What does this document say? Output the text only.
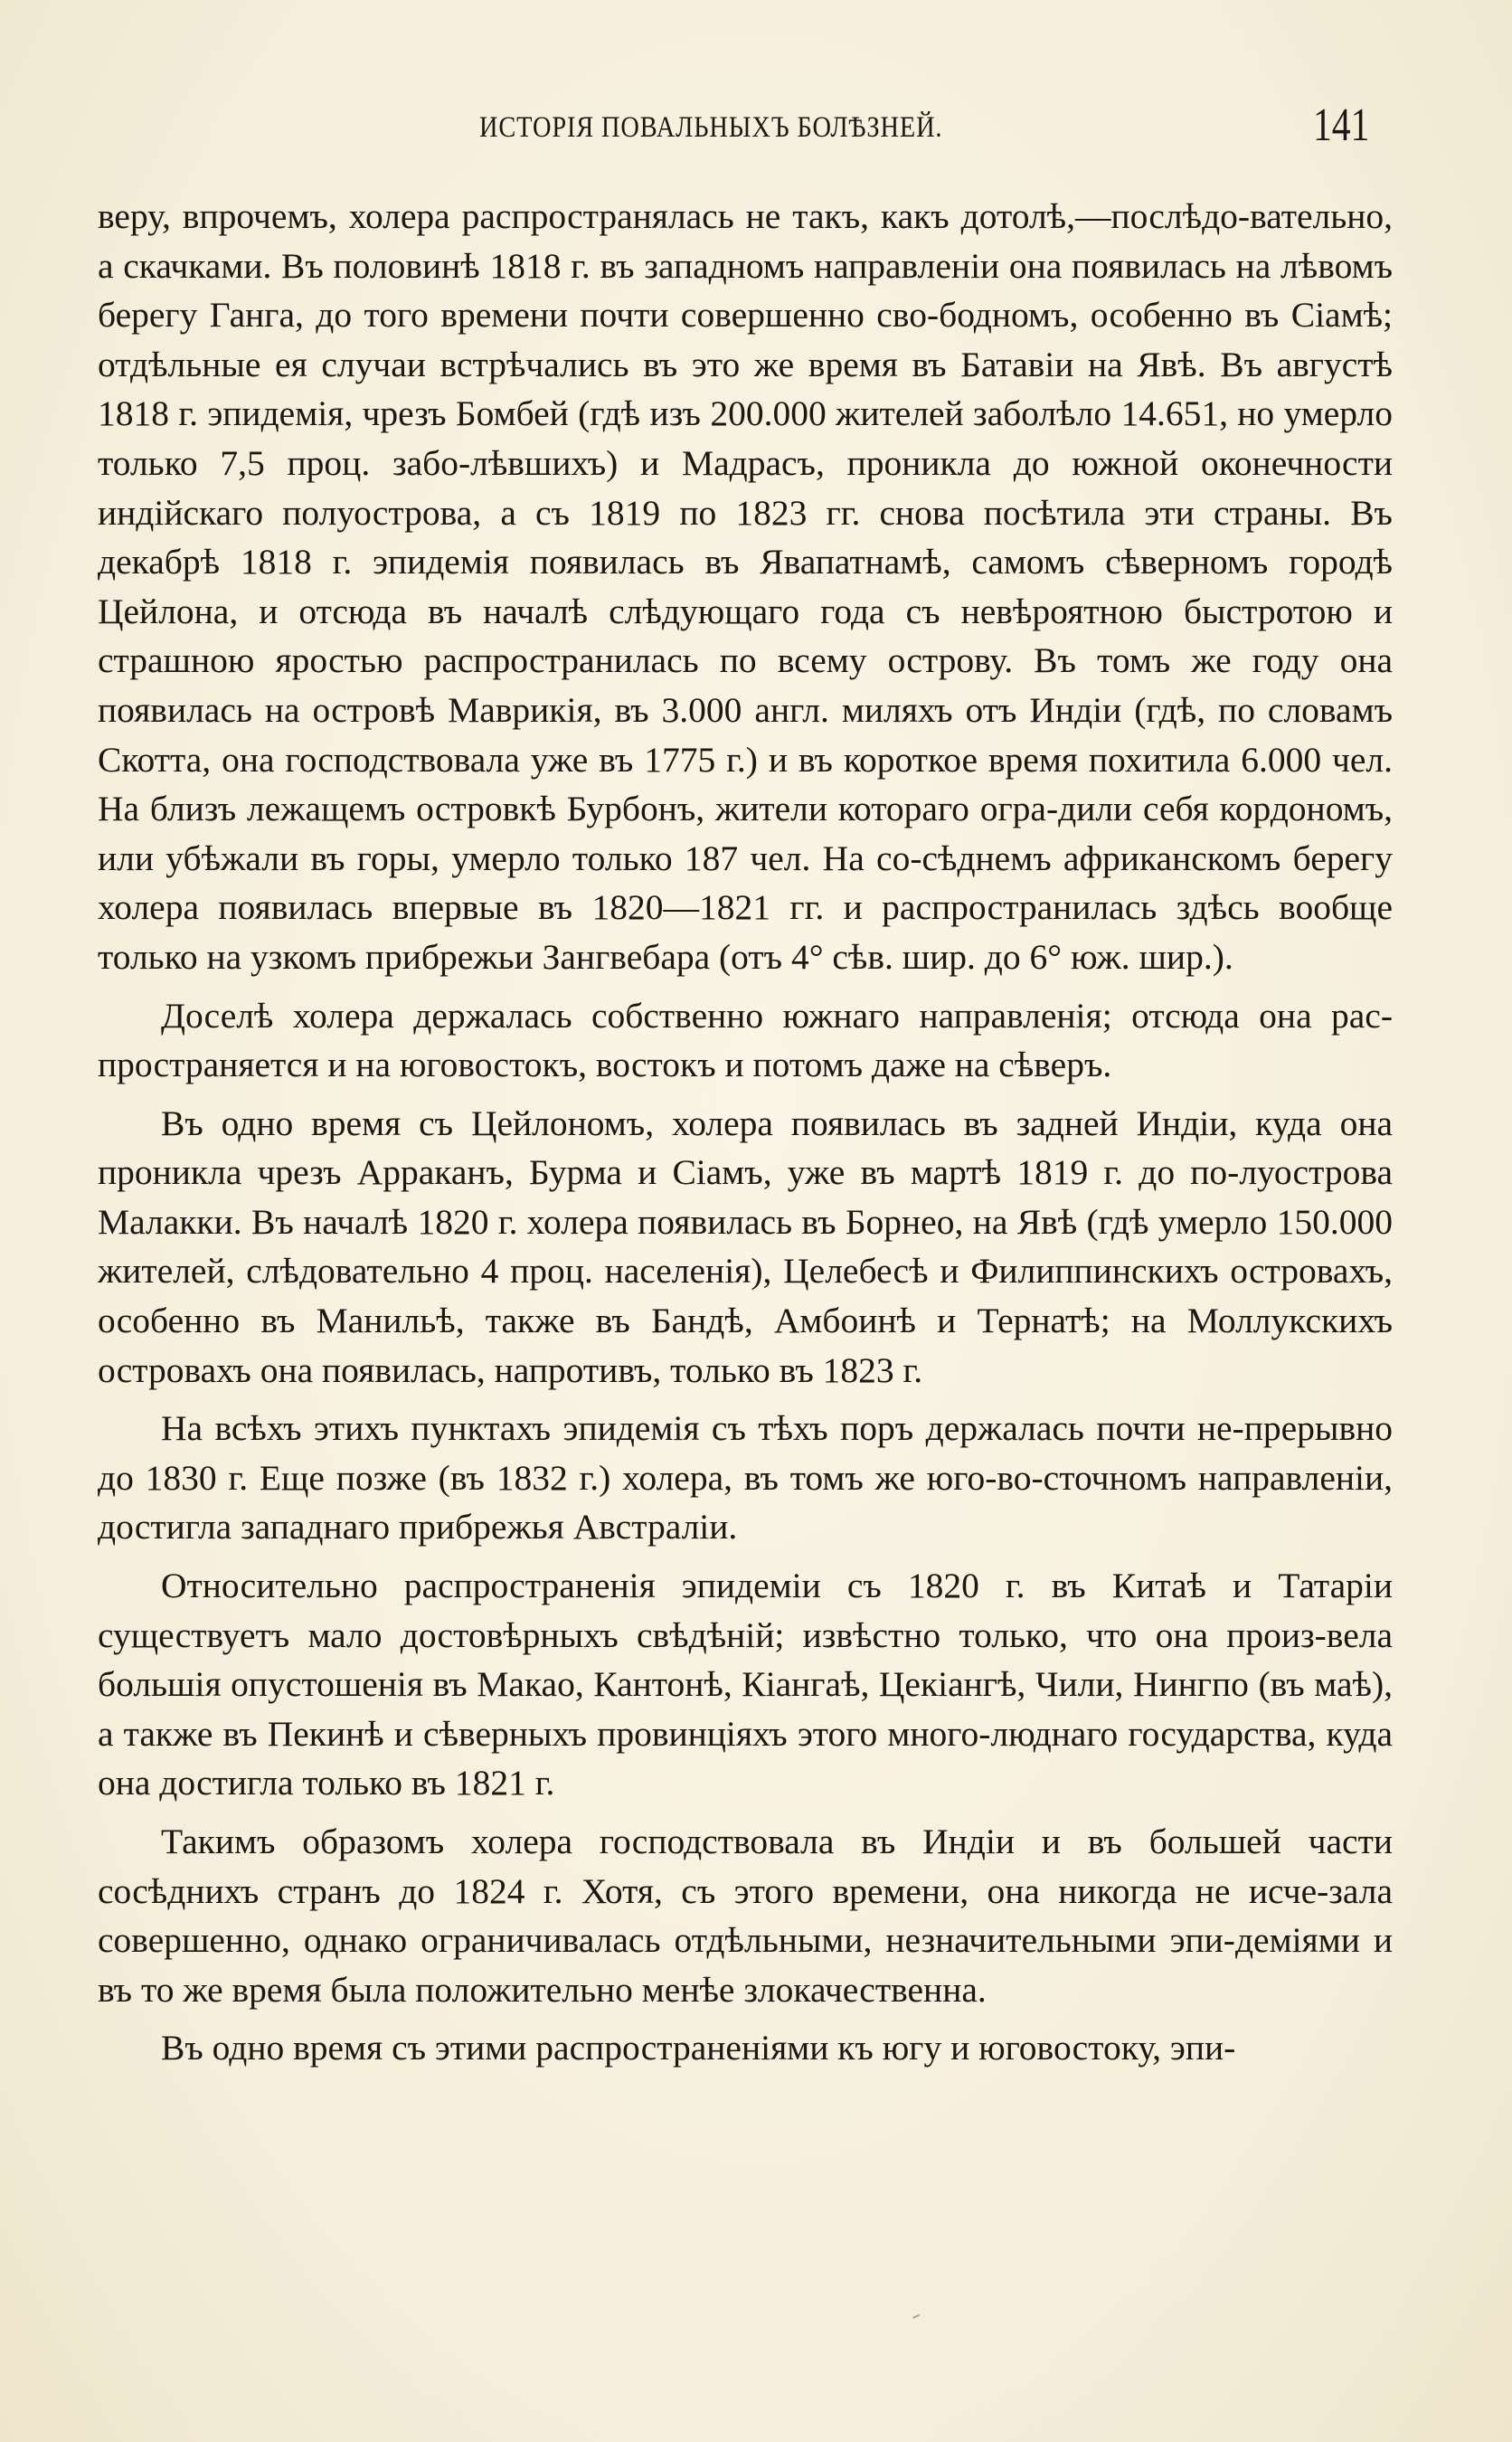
ИСТОРІЯ ПОВАЛЬНЫХЪ БОЛѢЗНЕЙ.	141

веру, впрочемъ, холера распространялась не такъ, какъ дотолѣ,—послѣдо-вательно, а скачками. Въ половинѣ 1818 г. въ западномъ направленіи она появилась на лѣвомъ берегу Ганга, до того времени почти совершенно сво-бодномъ, особенно въ Сіамѣ; отдѣльные ея случаи встрѣчались въ это же время въ Батавіи на Явѣ. Въ августѣ 1818 г. эпидемія, чрезъ Бомбей (гдѣ изъ 200.000 жителей заболѣло 14.651, но умерло только 7,5 проц. забо-лѣвшихъ) и Мадрасъ, проникла до южной оконечности индійскаго полуострова, а съ 1819 по 1823 гг. снова посѣтила эти страны. Въ декабрѣ 1818 г. эпидемія появилась въ Явапатнамѣ, самомъ сѣверномъ городѣ Цейлона, и отсюда въ началѣ слѣдующаго года съ невѣроятною быстротою и страшною яростью распространилась по всему острову. Въ томъ же году она появилась на островѣ Маврикія, въ 3.000 англ. миляхъ отъ Индіи (гдѣ, по словамъ Скотта, она господствовала уже въ 1775 г.) и въ короткое время похитила 6.000 чел. На близъ лежащемъ островкѣ Бурбонъ, жители котораго огра-дили себя кордономъ, или убѣжали въ горы, умерло только 187 чел. На со-сѣднемъ африканскомъ берегу холера появилась впервые въ 1820—1821 гг. и распространилась здѣсь вообще только на узкомъ прибрежьи Зангвебара (отъ 4° сѣв. шир. до 6° юж. шир.).

Доселѣ холера держалась собственно южнаго направленія; отсюда она рас-пространяется и на юговостокъ, востокъ и потомъ даже на сѣверъ.

Въ одно время съ Цейлономъ, холера появилась въ задней Индіи, куда она проникла чрезъ Арраканъ, Бурма и Сіамъ, уже въ мартѣ 1819 г. до по-луострова Малакки. Въ началѣ 1820 г. холера появилась въ Борнео, на Явѣ (гдѣ умерло 150.000 жителей, слѣдовательно 4 проц. населенія), Целебесѣ и Филиппинскихъ островахъ, особенно въ Манильѣ, также въ Бандѣ, Амбоинѣ и Тернатѣ; на Моллукскихъ островахъ она появилась, напротивъ, только въ 1823 г.

На всѣхъ этихъ пунктахъ эпидемія съ тѣхъ поръ держалась почти не-прерывно до 1830 г. Еще позже (въ 1832 г.) холера, въ томъ же юго-во-сточномъ направленіи, достигла западнаго прибрежья Австраліи.

Относительно распространенія эпидеміи съ 1820 г. въ Китаѣ и Татаріи существуетъ мало достовѣрныхъ свѣдѣній; извѣстно только, что она произ-вела большія опустошенія въ Макао, Кантонѣ, Кіангаѣ, Цекіангѣ, Чили, Нингпо (въ маѣ), а также въ Пекинѣ и сѣверныхъ провинціяхъ этого много-люднаго государства, куда она достигла только въ 1821 г.

Такимъ образомъ холера господствовала въ Индіи и въ большей части сосѣднихъ странъ до 1824 г. Хотя, съ этого времени, она никогда не исче-зала совершенно, однако ограничивалась отдѣльными, незначительными эпи-деміями и въ то же время была положительно менѣе злокачественна.

Въ одно время съ этими распространеніями къ югу и юговостоку, эпи-
